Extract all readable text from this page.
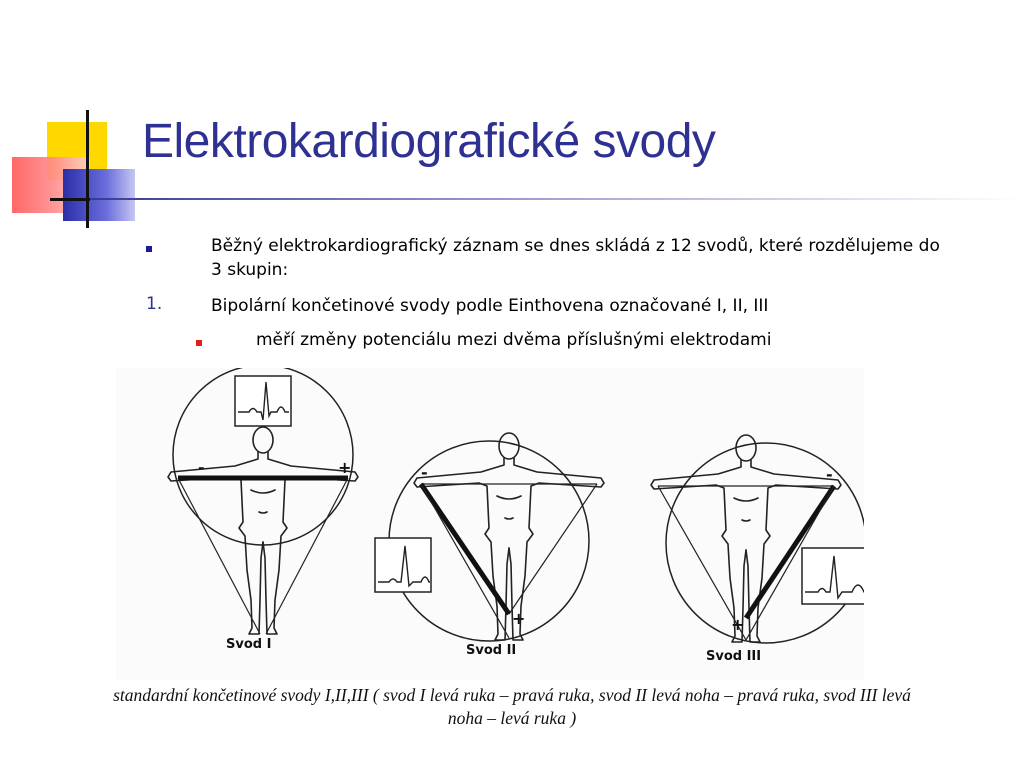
Elektrokardiografické svody
Běžný elektrokardiografický záznam se dnes skládá z 12 svodů, které rozdělujeme do 3 skupin:
1.	Bipolární končetinové svody podle Einthovena označované I, II, III
měří změny potenciálu mezi dvěma příslušnými elektrodami
-	+
Svod I
-
+
Svod II
-
+
Svod III
standardní končetinové svody I,II,III ( svod I levá ruka – pravá ruka, svod II levá noha – pravá ruka, svod III levá noha – levá ruka )
